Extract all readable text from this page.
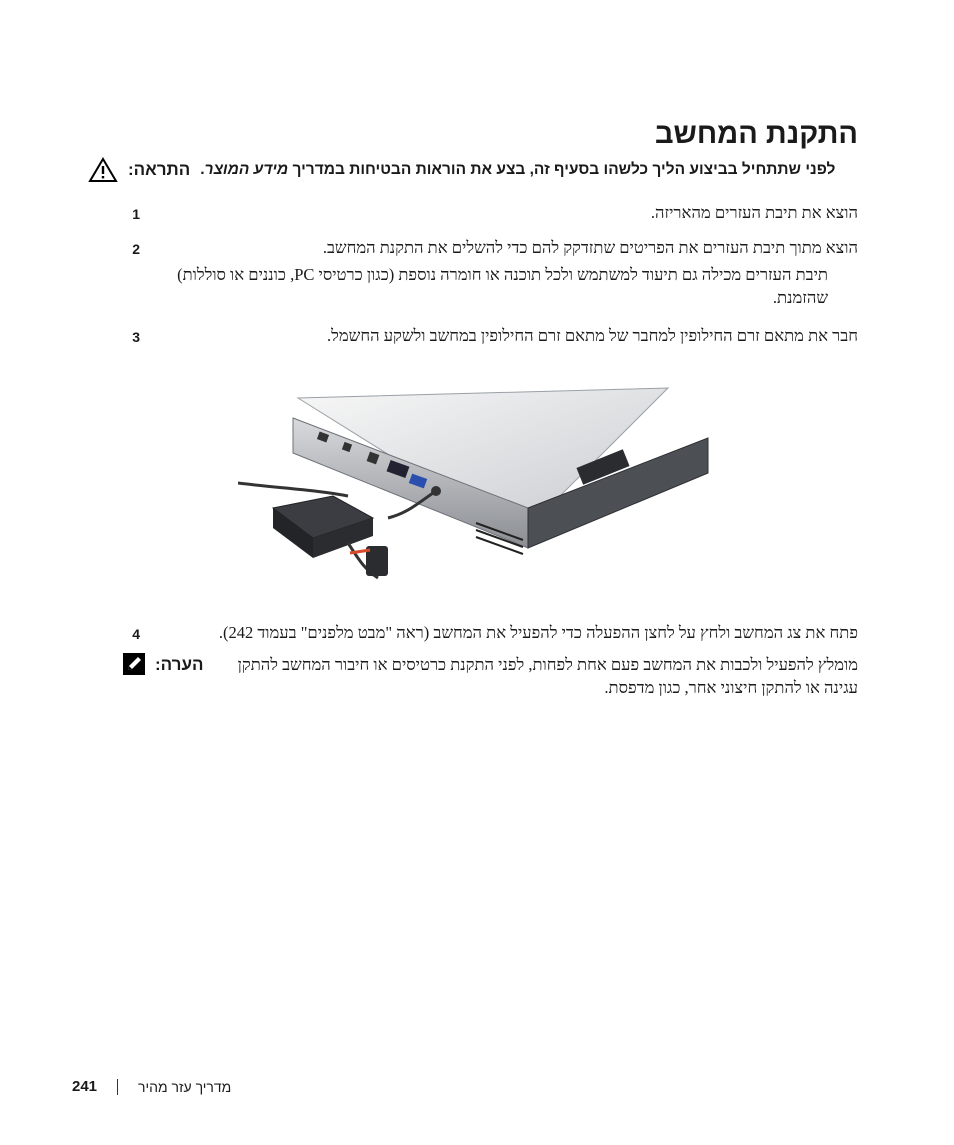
התקנת המחשב
התראה:	לפני שתתחיל בביצוע הליך כלשהו בסעיף זה, בצע את הוראות הבטיחות במדריך מידע המוצר.
1	הוצא את תיבת העזרים מהאריזה.
2	הוצא מתוך תיבת העזרים את הפריטים שתזדקק להם כדי להשלים את התקנת המחשב.
תיבת העזרים מכילה גם תיעוד למשתמש ולכל תוכנה או חומרה נוספת (כגון כרטיסי PC, כוננים או סוללות) שהזמנת.
3	חבר את מתאם זרם החילופין למחבר של מתאם זרם החילופין במחשב ולשקע החשמל.
4	פתח את צג המחשב ולחץ על לחצן ההפעלה כדי להפעיל את המחשב (ראה "מבט מלפנים" בעמוד 242).
הערה:	מומלץ להפעיל ולכבות את המחשב פעם אחת לפחות, לפני התקנת כרטיסים או חיבור המחשב להתקן עגינה או להתקן חיצוני אחר, כגון מדפסת.
241	מדריך עזר מהיר
